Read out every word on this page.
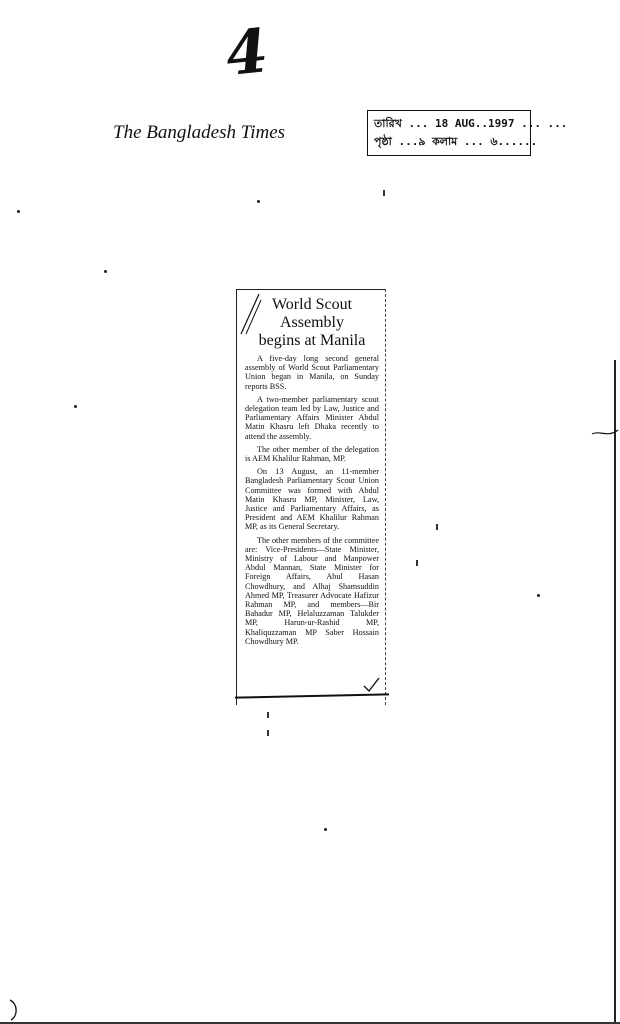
4
The Bangladesh Times	তারিখ ... 18 AUG..1997 ... ...
পৃষ্ঠা ...৯ কলাম ... ৬......
World Scout
Assembly
begins at Manila

A five-day long second general assembly of World Scout Parliamentary Union began in Manila, on Sunday reports BSS.

A two-member parliamentary scout delegation team led by Law, Justice and Parliamentary Affairs Minister Abdul Matin Khasru left Dhaka recently to attend the assembly.

The other member of the delegation is AEM Khalilur Rahman, MP.

On 13 August, an 11-member Bangladesh Parliamentary Scout Union Committee was formed with Abdul Matin Khasru MP, Minister, Law, Justice and Parliamentary Affairs, as President and AEM Khalilur Rahman MP, as its General Secretary.

The other members of the committee are: Vice-Presidents—State Minister, Ministry of Labour and Manpower Abdul Mannan, State Minister for Foreign Affairs, Abul Hasan Chowdhury, and Alhaj Shamsuddin Ahmed MP, Treasurer Advocate Hafizur Rahman MP, and members—Bir Bahadur MP, Helaluzzaman Talukder MP, Harun-ur-Rashid MP, Khaliquzzaman MP Saber Hossain Chowdhury MP.
